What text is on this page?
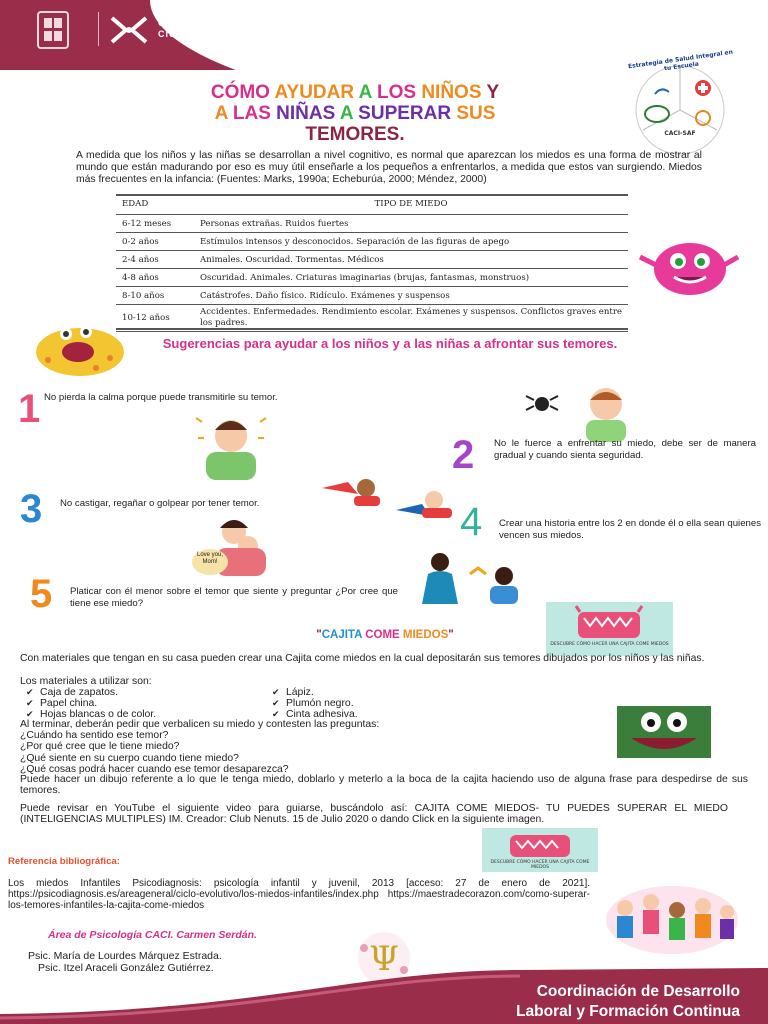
GOBIERNO DE LA
CIUDAD DE MÉXICO
CÓMO AYUDAR A LOS NIÑOS Y
A LAS NIÑAS A SUPERAR SUS
TEMORES.
Estrategia de Salud Integral en tu Escuela
CACI-SAF
A medida que los niños y las niñas se desarrollan a nivel cognitivo, es normal que aparezcan los miedos es una forma de mostrar al mundo que están madurando por eso es muy útil enseñarle a los pequeños a enfrentarlos, a medida que estos van surgiendo. Miedos más frecuentes en la infancia: (Fuentes: Marks, 1990a; Echeburúa, 2000; Méndez, 2000)
EDAD	TIPO DE MIEDO
6-12 meses	Personas extrañas. Ruidos fuertes
0-2 años	Estímulos intensos y desconocidos. Separación de las figuras de apego
2-4 años	Animales. Oscuridad. Tormentas. Médicos
4-8 años	Oscuridad. Animales. Criaturas imaginarias (brujas, fantasmas, monstruos)
8-10 años	Catástrofes. Daño físico. Ridículo. Exámenes y suspensos
10-12 años	Accidentes. Enfermedades. Rendimiento escolar. Exámenes y suspensos. Conflictos graves entre los padres.
Sugerencias para ayudar a los niños y a las niñas a afrontar sus temores.
1 No pierda la calma porque puede transmitirle su temor.
2 No le fuerce a enfrentar su miedo, debe ser de manera gradual y cuando sienta seguridad.
3 No castigar, regañar o golpear por tener temor.
Love you, Mom!
4 Crear una historia entre los 2 en donde él o ella sean quienes vencen sus miedos.
5 Platicar con él menor sobre el temor que siente y preguntar ¿Por cree que tiene ese miedo?
DESCUBRE CÓMO HACER UNA CAJITA COME MIEDOS
"CAJITA COME MIEDOS"
Con materiales que tengan en su casa pueden crear una Cajita come miedos en la cual depositarán sus temores dibujados por los niños y las niñas.
Los materiales a utilizar son:
✔ Caja de zapatos.
✔ Papel china.
✔ Hojas blancas o de color.
✔ Lápiz.
✔ Plumón negro.
✔ Cinta adhesiva.
Al terminar, deberán pedir que verbalicen su miedo y contesten las preguntas:
¿Cuándo ha sentido ese temor?
¿Por qué cree que le tiene miedo?
¿Qué siente en su cuerpo cuando tiene miedo?
¿Qué cosas podrá hacer cuando ese temor desaparezca?
Puede hacer un dibujo referente a lo que le tenga miedo, doblarlo y meterlo a la boca de la cajita haciendo uso de alguna frase para despedirse de sus temores.
Puede revisar en YouTube el siguiente video para guiarse, buscándolo así: CAJITA COME MIEDOS- TU PUEDES SUPERAR EL MIEDO (INTELIGENCIAS MULTIPLES) IM. Creador: Club Nenuts. 15 de Julio 2020 o dando Click en la siguiente imagen.
DESCUBRE CÓMO HACER UNA CAJITA COME MIEDOS
Referencia bibliográfica:
Los miedos Infantiles Psicodiagnosis: psicología infantil y juvenil, 2013 [acceso: 27 de enero de 2021]. https://psicodiagnosis.es/areageneral/ciclo-evolutivo/los-miedos-infantiles/index.php https://maestradecorazon.com/como-superar-los-temores-infantiles-la-cajita-come-miedos
Área de Psicología CACI. Carmen Serdán.
Psic. María de Lourdes Márquez Estrada.
Psic. Itzel Araceli González Gutiérrez.	Ψ
Coordinación de Desarrollo
Laboral y Formación Continua
